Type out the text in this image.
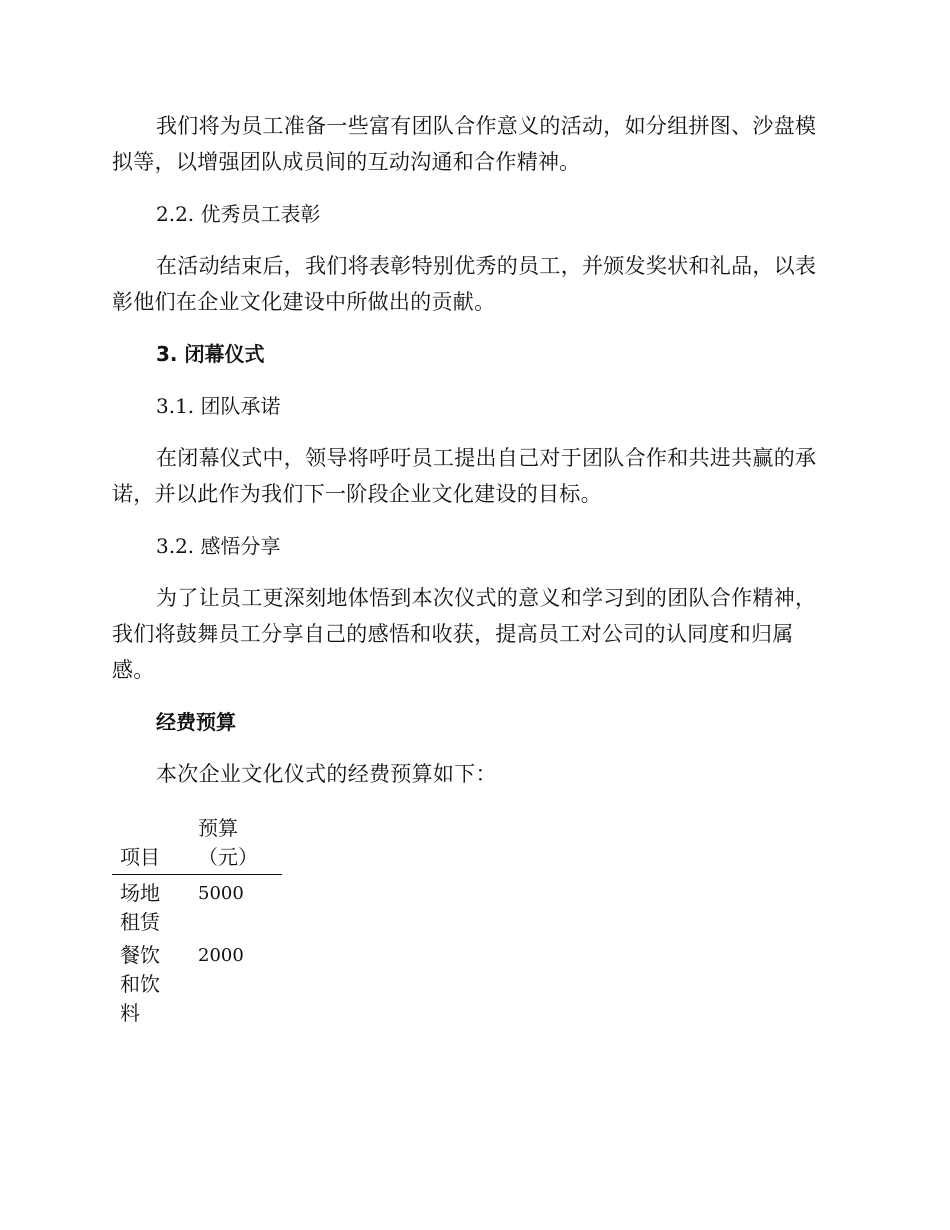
我们将为员工准备一些富有团队合作意义的活动，如分组拼图、沙盘模拟等，以增强团队成员间的互动沟通和合作精神。

2.2. 优秀员工表彰

在活动结束后，我们将表彰特别优秀的员工，并颁发奖状和礼品，以表彰他们在企业文化建设中所做出的贡献。

3. 闭幕仪式

3.1. 团队承诺

在闭幕仪式中，领导将呼吁员工提出自己对于团队合作和共进共赢的承诺，并以此作为我们下一阶段企业文化建设的目标。

3.2. 感悟分享

为了让员工更深刻地体悟到本次仪式的意义和学习到的团队合作精神，我们将鼓舞员工分享自己的感悟和收获，提高员工对公司的认同度和归属感。

经费预算

本次企业文化仪式的经费预算如下：

项目	预算（元）
场地租赁	5000
餐饮和饮料	2000
